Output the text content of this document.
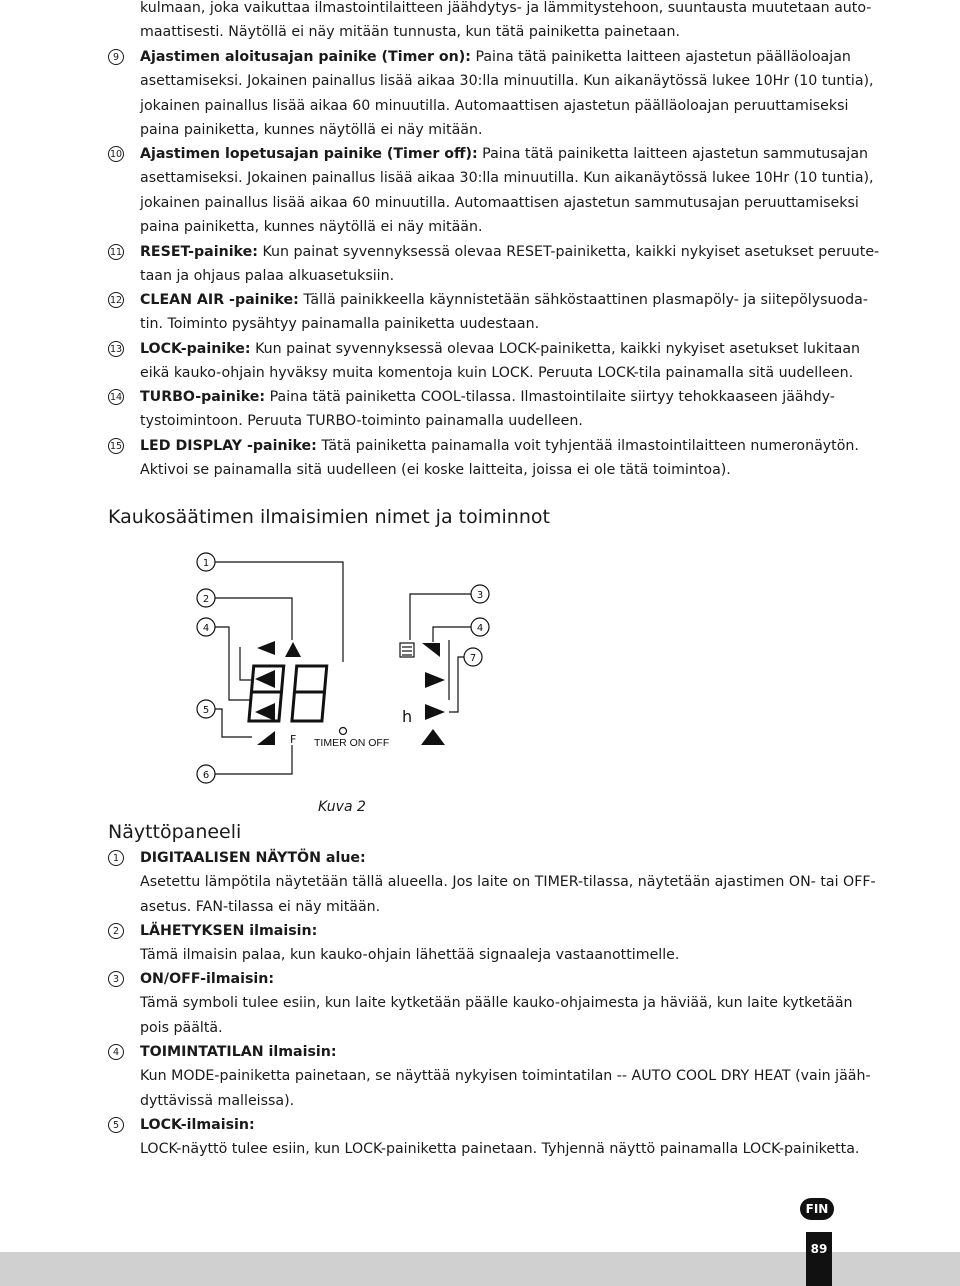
kulmaan, joka vaikuttaa ilmastointilaitteen jäähdytys- ja lämmitystehoon, suuntausta muutetaan auto-
maattisesti. Näytöllä ei näy mitään tunnusta, kun tätä painiketta painetaan.
9	Ajastimen aloitusajan painike (Timer on): Paina tätä painiketta laitteen ajastetun päälläoloajan
asettamiseksi. Jokainen painallus lisää aikaa 30:lla minuutilla. Kun aikanäytössä lukee 10Hr (10 tuntia),
jokainen painallus lisää aikaa 60 minuutilla. Automaattisen ajastetun päälläoloajan peruuttamiseksi
paina painiketta, kunnes näytöllä ei näy mitään.
10 Ajastimen lopetusajan painike (Timer off): Paina tätä painiketta laitteen ajastetun sammutusajan
asettamiseksi. Jokainen painallus lisää aikaa 30:lla minuutilla. Kun aikanäytössä lukee 10Hr (10 tuntia),
jokainen painallus lisää aikaa 60 minuutilla. Automaattisen ajastetun sammutusajan peruuttamiseksi
paina painiketta, kunnes näytöllä ei näy mitään.
11 RESET-painike: Kun painat syvennyksessä olevaa RESET-painiketta, kaikki nykyiset asetukset peruute-
taan ja ohjaus palaa alkuasetuksiin.
12 CLEAN AIR -painike: Tällä painikkeella käynnistetään sähköstaattinen plasmapöly- ja siitepölysuoda-
tin. Toiminto pysähtyy painamalla painiketta uudestaan.
13 LOCK-painike: Kun painat syvennyksessä olevaa LOCK-painiketta, kaikki nykyiset asetukset lukitaan
eikä kauko-ohjain hyväksy muita komentoja kuin LOCK. Peruuta LOCK-tila painamalla sitä uudelleen.
14 TURBO-painike: Paina tätä painiketta COOL-tilassa. Ilmastointilaite siirtyy tehokkaaseen jäähdy-
tystoimintoon. Peruuta TURBO-toiminto painamalla uudelleen.
15 LED DISPLAY -painike: Tätä painiketta painamalla voit tyhjentää ilmastointilaitteen numeronäytön.
Aktivoi se painamalla sitä uudelleen (ei koske laitteita, joissa ei ole tätä toimintoa).
Kaukosäätimen ilmaisimien nimet ja toiminnot
1
2
4
5
6
3
4
7
h
F TIMER ON OFF
Kuva 2
Näyttöpaneeli
1	DIGITAALISEN NÄYTÖN alue:
Asetettu lämpötila näytetään tällä alueella. Jos laite on TIMER-tilassa, näytetään ajastimen ON- tai OFF-
asetus. FAN-tilassa ei näy mitään.
2	LÄHETYKSEN ilmaisin:
Tämä ilmaisin palaa, kun kauko-ohjain lähettää signaaleja vastaanottimelle.
3	ON/OFF-ilmaisin:
Tämä symboli tulee esiin, kun laite kytketään päälle kauko-ohjaimesta ja häviää, kun laite kytketään
pois päältä.
4	TOIMINTATILAN ilmaisin:
Kun MODE-painiketta painetaan, se näyttää nykyisen toimintatilan -- AUTO COOL DRY HEAT (vain jääh-
dyttävissä malleissa).
5	LOCK-ilmaisin:
LOCK-näyttö tulee esiin, kun LOCK-painiketta painetaan. Tyhjennä näyttö painamalla LOCK-painiketta.
FIN
89
